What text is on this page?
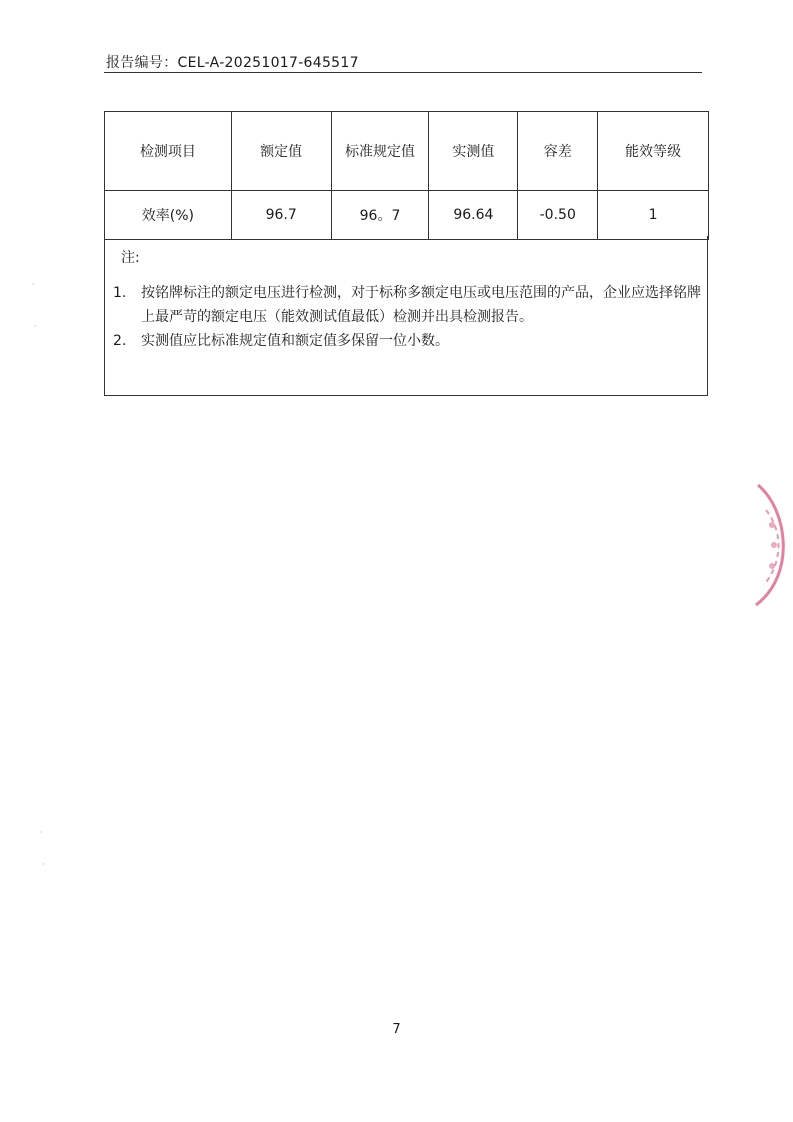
报告编号：CEL-A-20251017-645517
检测项目	额定值	标准规定值	实测值	容差	能效等级
效率(%)	96.7	96。7	96.64	-0.50	1
注:
1. 按铭牌标注的额定电压进行检测，对于标称多额定电压或电压范围的产品，企业应选择铭牌上最严苛的额定电压（能效测试值最低）检测并出具检测报告。
2. 实测值应比标准规定值和额定值多保留一位小数。
7
·
·
·
·
